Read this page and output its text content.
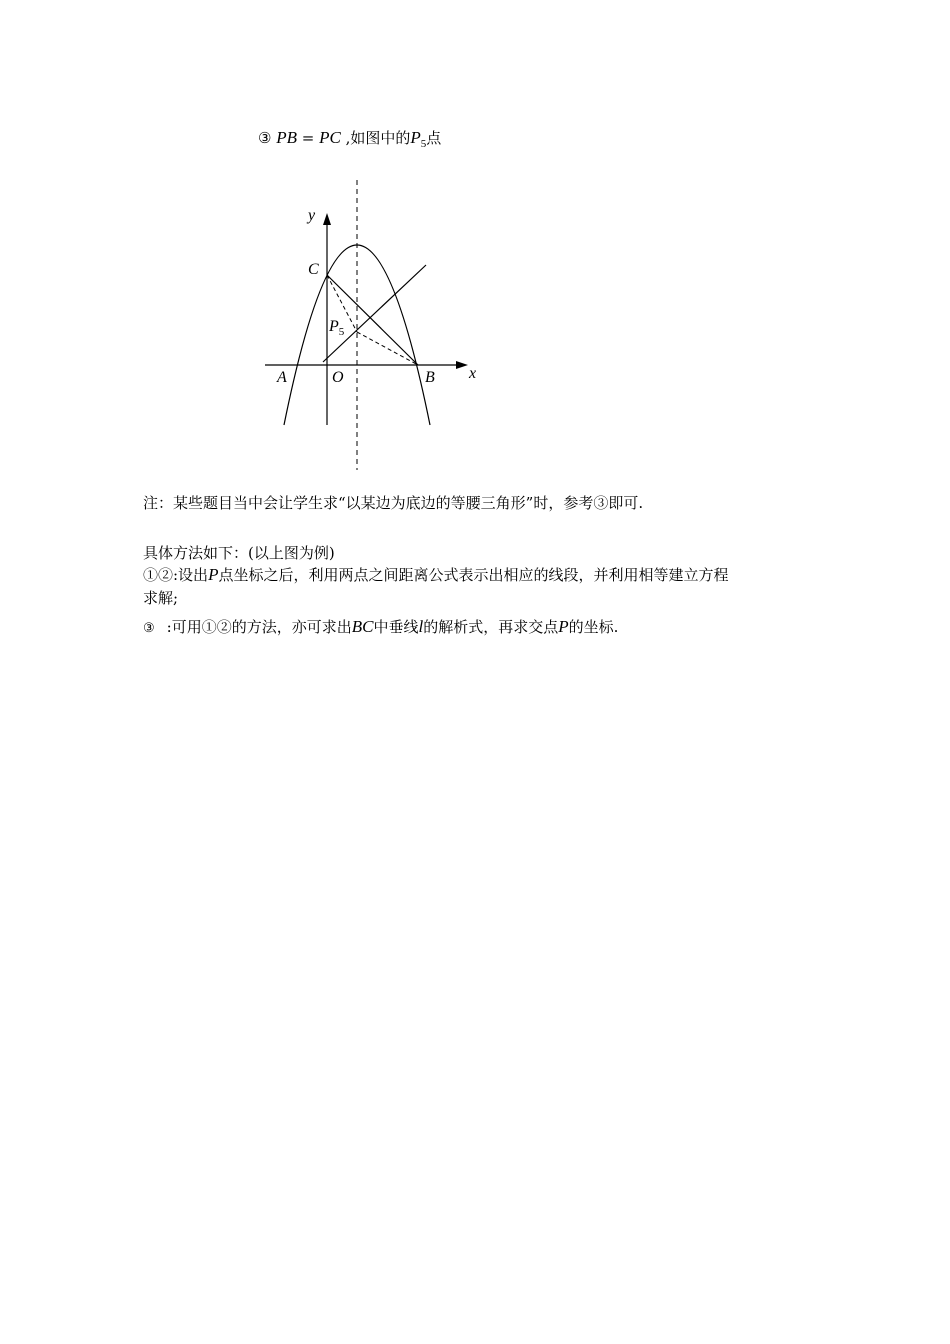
③ PB = PC ,如图中的$P_5$点
y
x
C
$P_5$
A	O	B
注：某些题目当中会让学生求“以某边为底边的等腰三角形”时，参考③即可.
具体方法如下：(以上图为例)
①②:设出P点坐标之后，利用两点之间距离公式表示出相应的线段，并利用相等建立方程
求解;
③ :可用①②的方法，亦可求出BC中垂线l的解析式，再求交点P的坐标.
